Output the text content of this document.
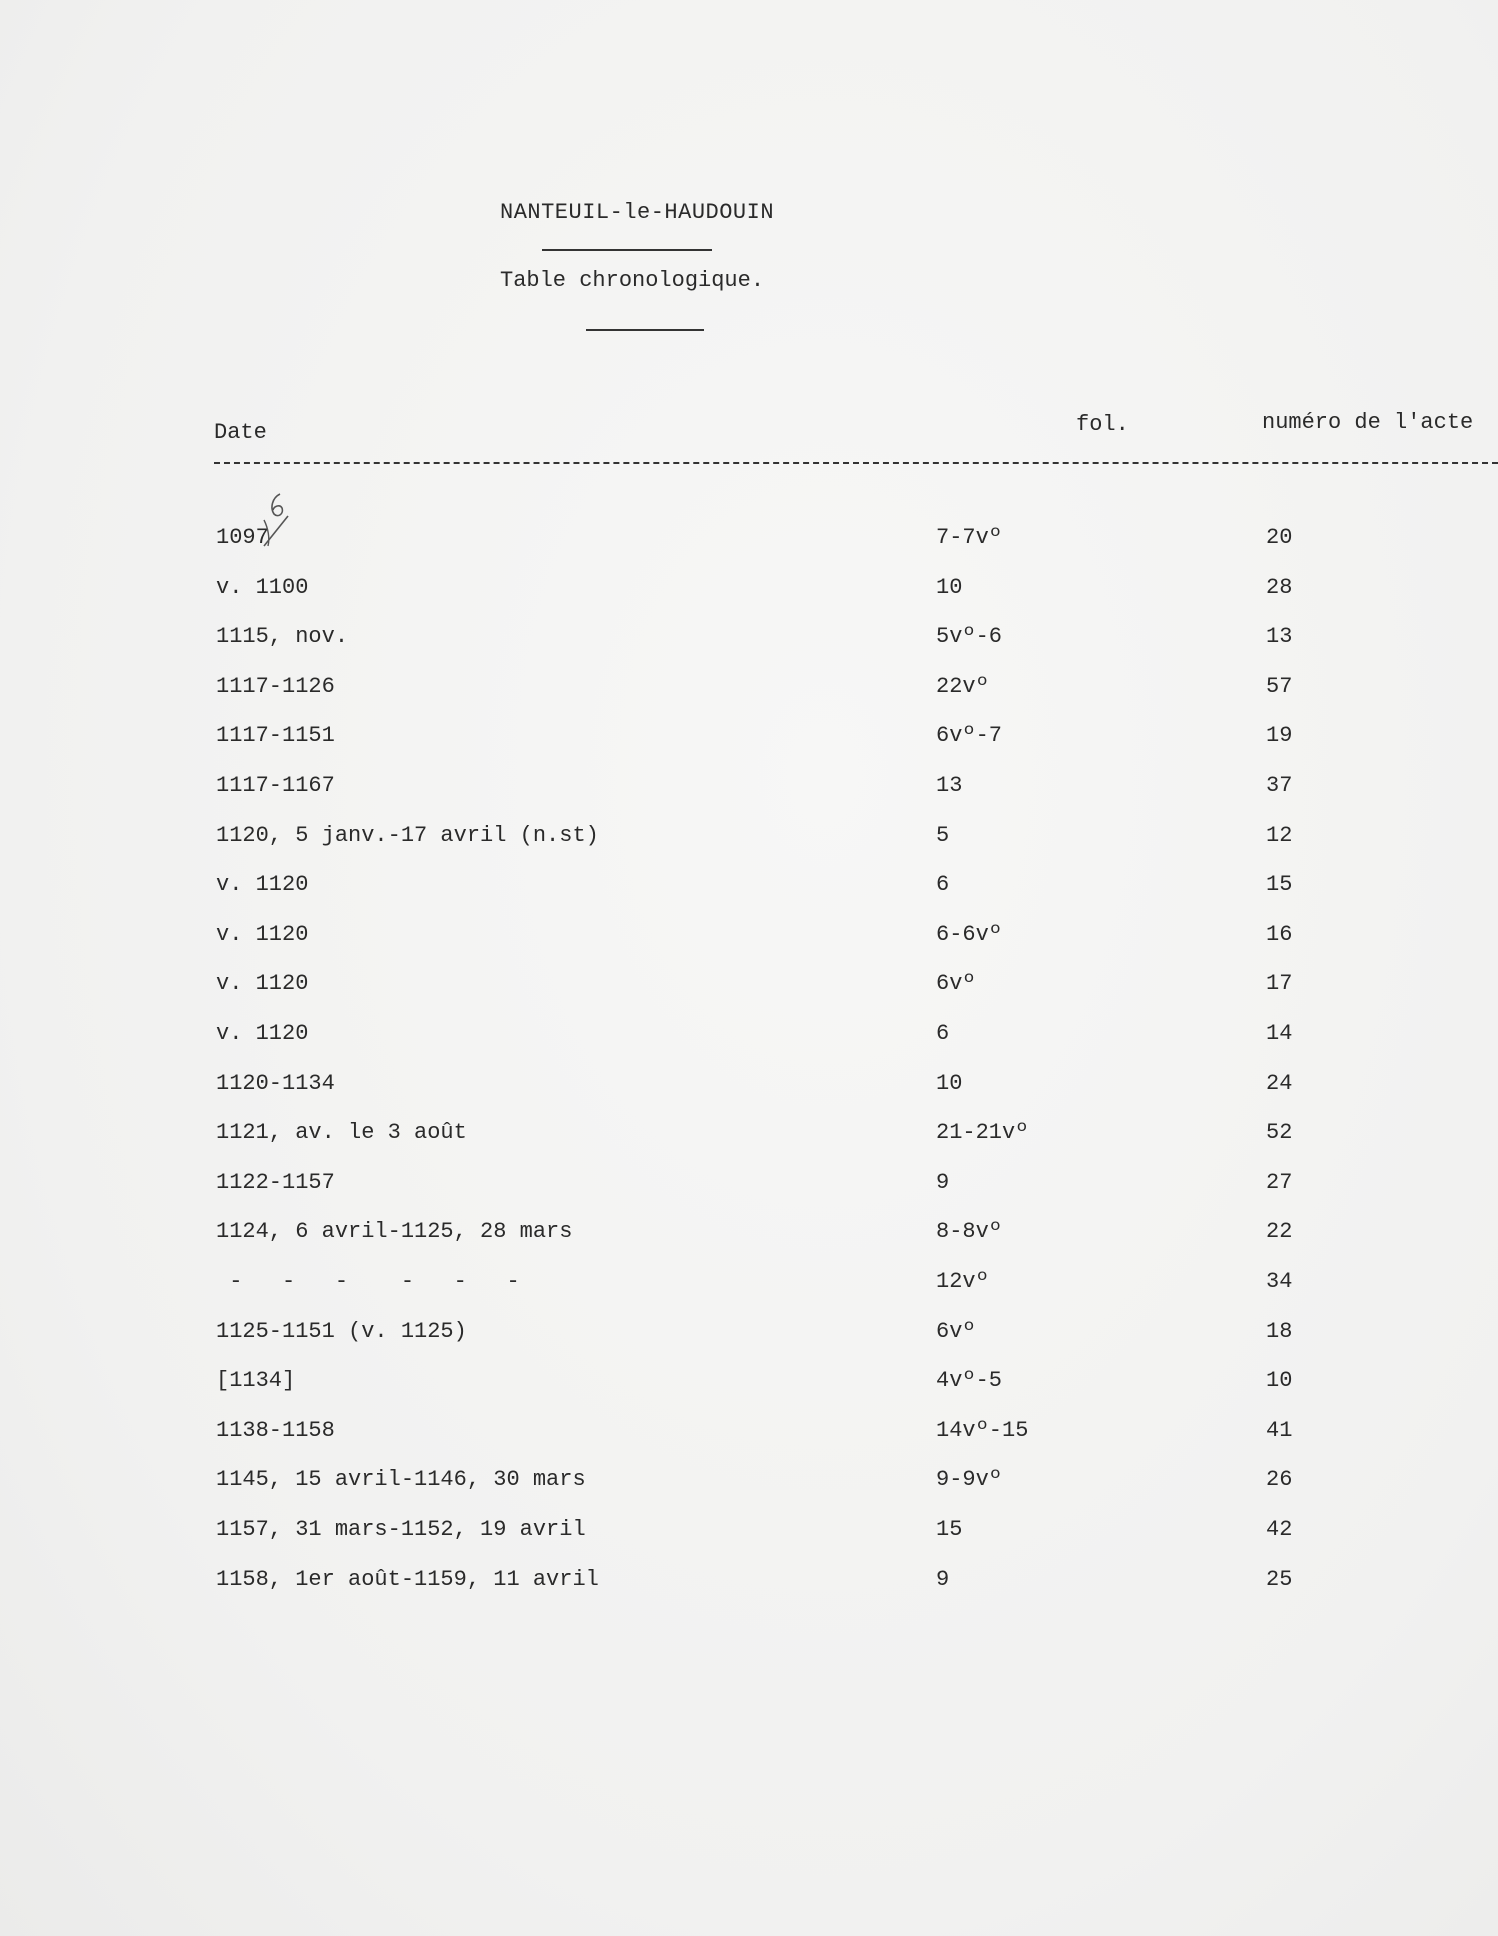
NANTEUIL-le-HAUDOUIN
Table chronologique.
Date	fol.	numéro de l'acte
1097	7-7vº	20
v. 1100	10	28
1115, nov.	5vº-6	13
1117-1126	22vº	57
1117-1151	6vº-7	19
1117-1167	13	37
1120, 5 janv.-17 avril (n.st)	5	12
v. 1120	6	15
v. 1120	6-6vº	16
v. 1120	6vº	17
v. 1120	6	14
1120-1134	10	24
1121, av. le 3 août	21-21vº	52
1122-1157	9	27
1124, 6 avril-1125, 28 mars	8-8vº	22
-   -   -    -   -   -	12vº	34
1125-1151 (v. 1125)	6vº	18
[1134]	4vº-5	10
1138-1158	14vº-15	41
1145, 15 avril-1146, 30 mars	9-9vº	26
1157, 31 mars-1152, 19 avril	15	42
1158, 1er août-1159, 11 avril	9	25
